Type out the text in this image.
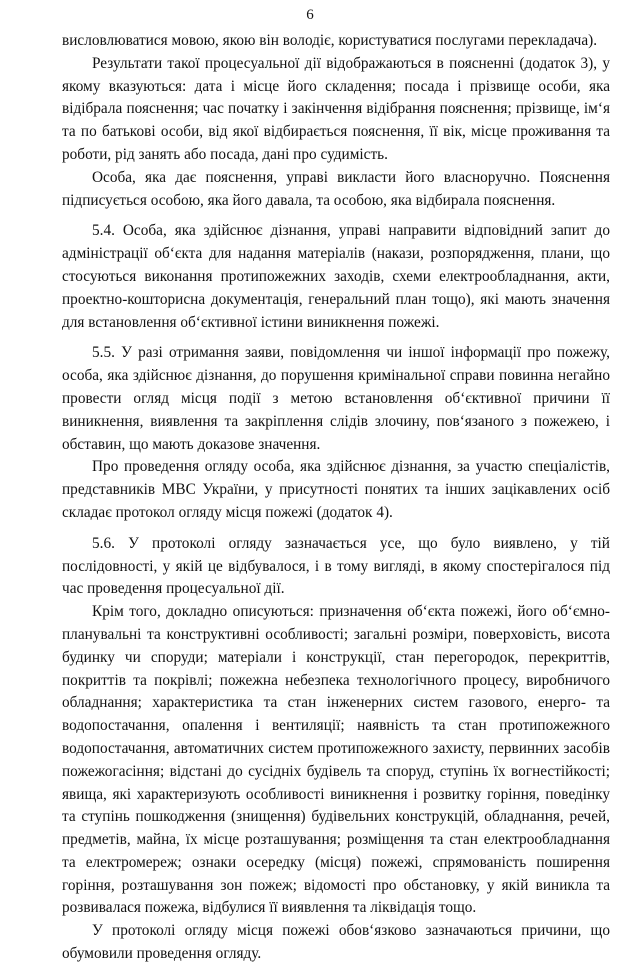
6

висловлюватися мовою, якою він володіє, користуватися послугами перекладача).

Результати такої процесуальної дії відображаються в поясненні (додаток 3), у якому вказуються: дата і місце його складення; посада і прізвище особи, яка відібрала пояснення; час початку і закінчення відібрання пояснення; прізвище, ім‘я та по батькові особи, від якої відбирається пояснення, її вік, місце проживання та роботи, рід занять або посада, дані про судимість.

Особа, яка дає пояснення, управі викласти його власноручно. Пояснення підписується особою, яка його давала, та особою, яка відбирала пояснення.

5.4. Особа, яка здійснює дізнання, управі направити відповідний запит до адміністрації об‘єкта для надання матеріалів (накази, розпорядження, плани, що стосуються виконання протипожежних заходів, схеми електрообладнання, акти, проектно-кошторисна документація, генеральний план тощо), які мають значення для встановлення об‘єктивної істини виникнення пожежі.

5.5. У разі отримання заяви, повідомлення чи іншої інформації про пожежу, особа, яка здійснює дізнання, до порушення кримінальної справи повинна негайно провести огляд місця події з метою встановлення об‘єктивної причини її виникнення, виявлення та закріплення слідів злочину, пов‘язаного з пожежею, і обставин, що мають доказове значення.

Про проведення огляду особа, яка здійснює дізнання, за участю спеціалістів, представників МВС України, у присутності понятих та інших зацікавлених осіб складає протокол огляду місця пожежі (додаток 4).

5.6. У протоколі огляду зазначається усе, що було виявлено, у тій послідовності, у якій це відбувалося, і в тому вигляді, в якому спостерігалося під час проведення процесуальної дії.

Крім того, докладно описуються: призначення об‘єкта пожежі, його об‘ємно-планувальні та конструктивні особливості; загальні розміри, поверховість, висота будинку чи споруди; матеріали і конструкції, стан перегородок, перекриттів, покриттів та покрівлі; пожежна небезпека технологічного процесу, виробничого обладнання; характеристика та стан інженерних систем газового, енерго- та водопостачання, опалення і вентиляції; наявність та стан протипожежного водопостачання, автоматичних систем протипожежного захисту, первинних засобів пожежогасіння; відстані до сусідніх будівель та споруд, ступінь їх вогнестійкості; явища, які характеризують особливості виникнення і розвитку горіння, поведінку та ступінь пошкодження (знищення) будівельних конструкцій, обладнання, речей, предметів, майна, їх місце розташування; розміщення та стан електрообладнання та електромереж; ознаки осередку (місця) пожежі, спрямованість поширення горіння, розташування зон пожеж; відомості про обстановку, у якій виникла та розвивалася пожежа, відбулися її виявлення та ліквідація тощо.

У протоколі огляду місця пожежі обов‘язково зазначаються причини, що обумовили проведення огляду.
